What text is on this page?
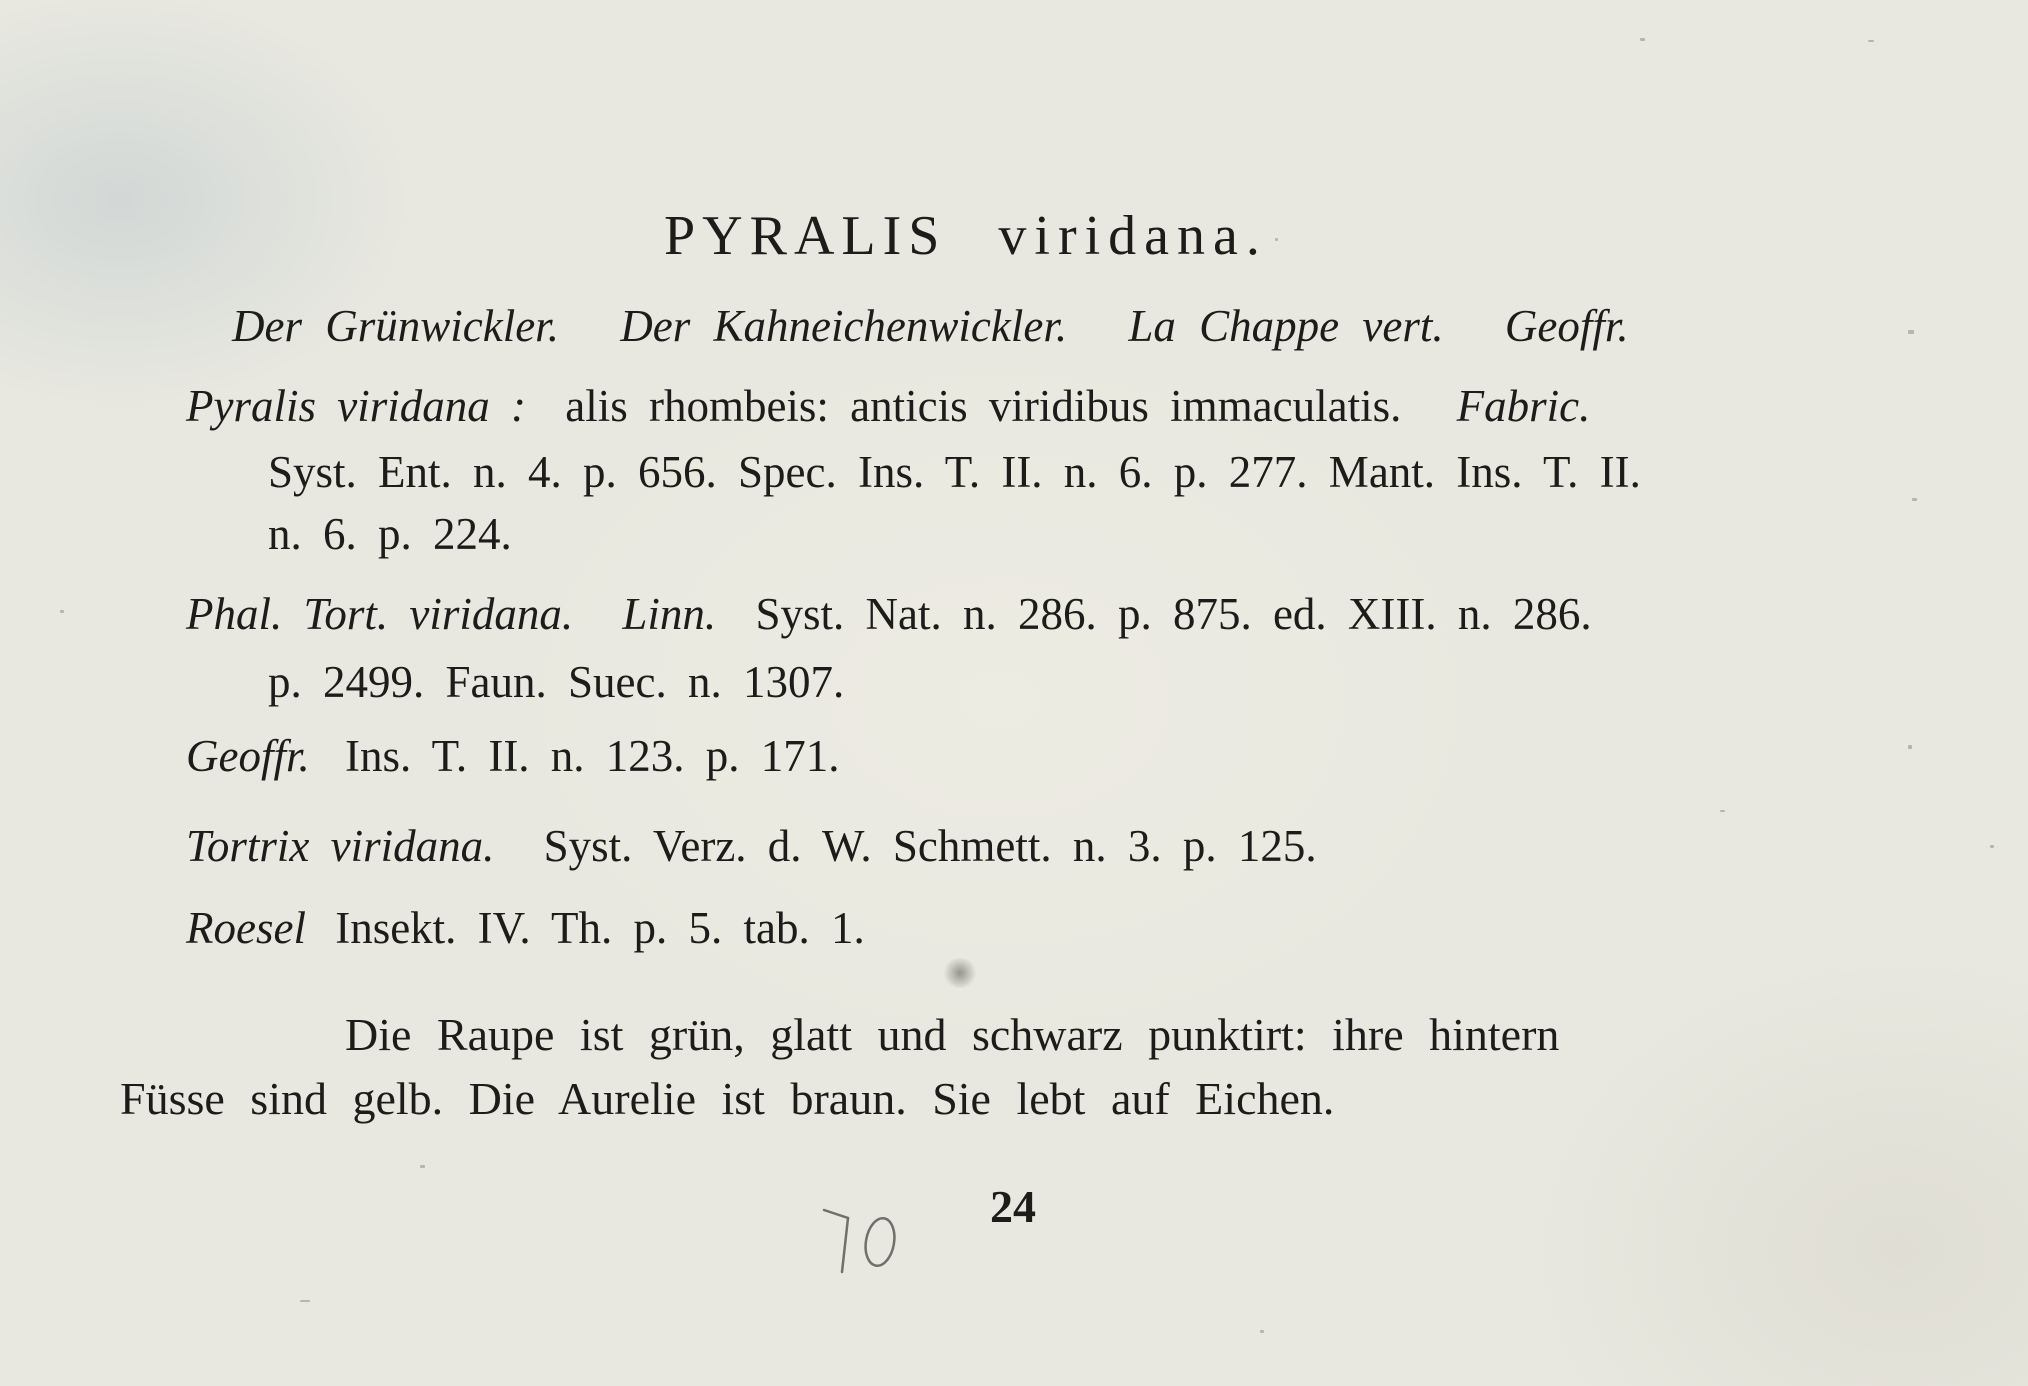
PYRALIS viridana.
Der Grünwickler. Der Kahneichenwickler. La Chappe vert. Geoffr.
Pyralis viridana : alis rhombeis: anticis viridibus immaculatis. Fabric.
Syst. Ent. n. 4. p. 656. Spec. Ins. T. II. n. 6. p. 277. Mant. Ins. T. II.
n. 6. p. 224.
Phal. Tort. viridana. Linn. Syst. Nat. n. 286. p. 875. ed. XIII. n. 286.
p. 2499. Faun. Suec. n. 1307.
Geoffr. Ins. T. II. n. 123. p. 171.
Tortrix viridana. Syst. Verz. d. W. Schmett. n. 3. p. 125.
Roesel Insekt. IV. Th. p. 5. tab. 1.
Die Raupe ist grün, glatt und schwarz punktirt: ihre hintern
Füsse sind gelb. Die Aurelie ist braun. Sie lebt auf Eichen.
24
